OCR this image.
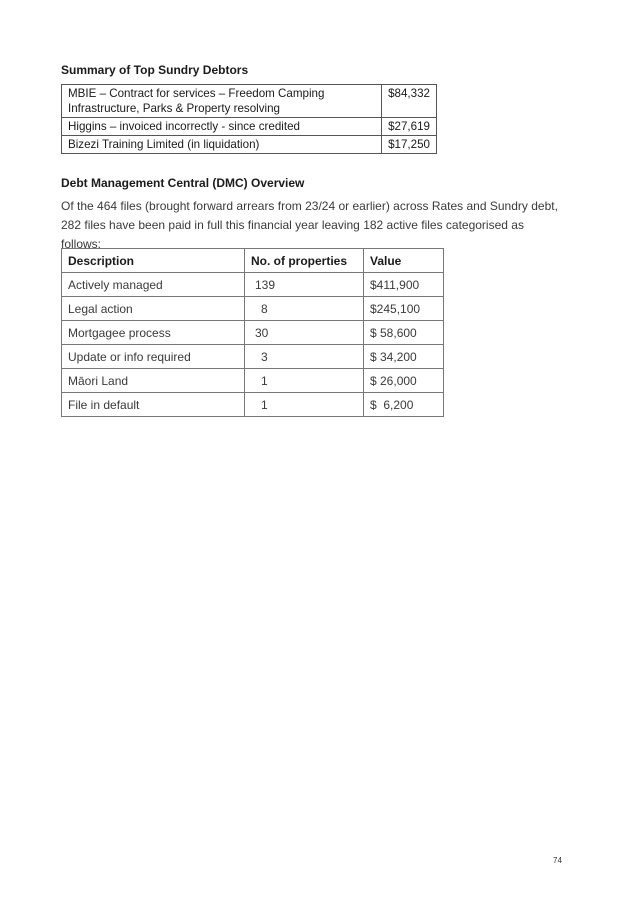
Summary of Top Sundry Debtors
MBIE – Contract for services – Freedom Camping
Infrastructure, Parks & Property resolving	$84,332
Higgins – invoiced incorrectly - since credited	$27,619
Bizezi Training Limited (in liquidation)	$17,250
Debt Management Central (DMC) Overview
Of the 464 files (brought forward arrears from 23/24 or earlier) across Rates and Sundry debt, 282 files have been paid in full this financial year leaving 182 active files categorised as follows:
Description	No. of properties	Value
Actively managed	139	$411,900
Legal action	8	$245,100
Mortgagee process	30	$ 58,600
Update or info required	3	$ 34,200
Māori Land	1	$ 26,000
File in default	1	$  6,200
74
